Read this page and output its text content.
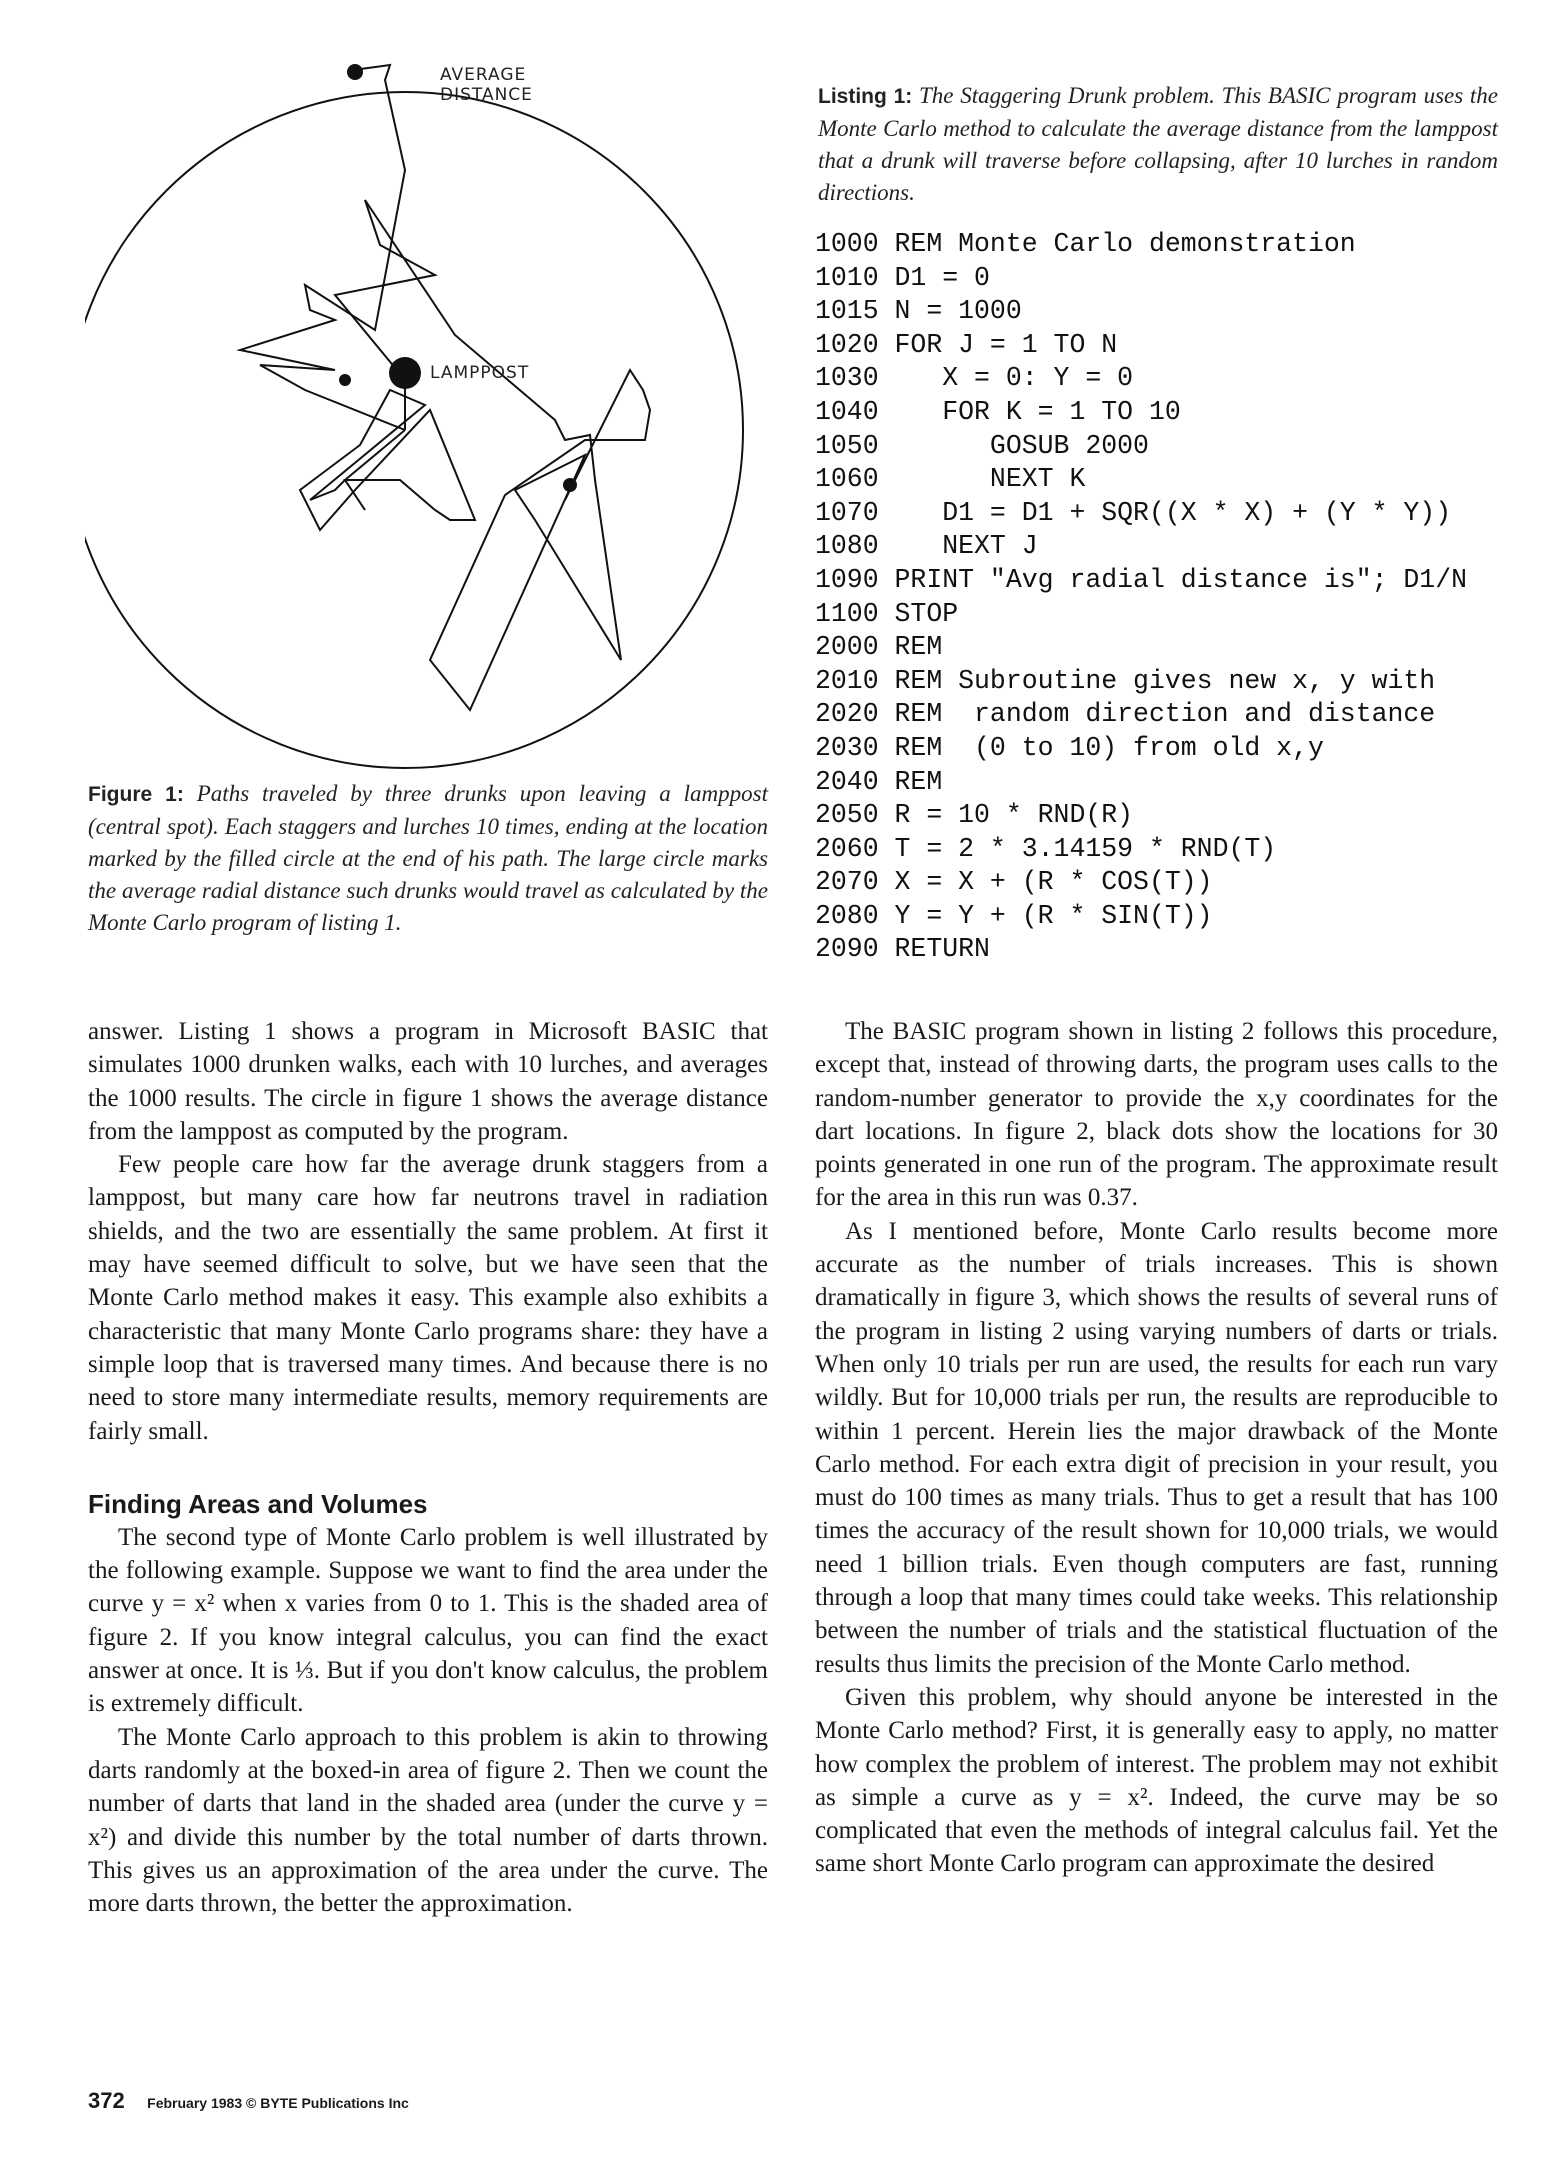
AVERAGE
DISTANCE
LAMPPOST
Figure 1: Paths traveled by three drunks upon leaving a lamppost (central spot). Each staggers and lurches 10 times, ending at the location marked by the filled circle at the end of his path. The large circle marks the average radial distance such drunks would travel as calculated by the Monte Carlo program of listing 1.
Listing 1: The Staggering Drunk problem. This BASIC program uses the Monte Carlo method to calculate the average distance from the lamppost that a drunk will traverse before collapsing, after 10 lurches in random directions.
1000 REM Monte Carlo demonstration
1010 D1 = 0
1015 N = 1000
1020 FOR J = 1 TO N
1030    X = 0: Y = 0
1040    FOR K = 1 TO 10
1050       GOSUB 2000
1060       NEXT K
1070    D1 = D1 + SQR((X * X) + (Y * Y))
1080    NEXT J
1090 PRINT "Avg radial distance is"; D1/N
1100 STOP
2000 REM
2010 REM Subroutine gives new x, y with
2020 REM  random direction and distance
2030 REM  (0 to 10) from old x,y
2040 REM
2050 R = 10 * RND(R)
2060 T = 2 * 3.14159 * RND(T)
2070 X = X + (R * COS(T))
2080 Y = Y + (R * SIN(T))
2090 RETURN

answer. Listing 1 shows a program in Microsoft BASIC that simulates 1000 drunken walks, each with 10 lurches, and averages the 1000 results. The circle in figure 1 shows the average distance from the lamppost as computed by the program.

Few people care how far the average drunk staggers from a lamppost, but many care how far neutrons travel in radiation shields, and the two are essentially the same problem. At first it may have seemed difficult to solve, but we have seen that the Monte Carlo method makes it easy. This example also exhibits a characteristic that many Monte Carlo programs share: they have a simple loop that is traversed many times. And because there is no need to store many intermediate results, memory requirements are fairly small.

Finding Areas and Volumes

The second type of Monte Carlo problem is well illustrated by the following example. Suppose we want to find the area under the curve y = x² when x varies from 0 to 1. This is the shaded area of figure 2. If you know integral calculus, you can find the exact answer at once. It is ⅓. But if you don't know calculus, the problem is extremely difficult.

The Monte Carlo approach to this problem is akin to throwing darts randomly at the boxed-in area of figure 2. Then we count the number of darts that land in the shaded area (under the curve y = x²) and divide this number by the total number of darts thrown. This gives us an approximation of the area under the curve. The more darts thrown, the better the approximation.

The BASIC program shown in listing 2 follows this procedure, except that, instead of throwing darts, the program uses calls to the random-number generator to provide the x,y coordinates for the dart locations. In figure 2, black dots show the locations for 30 points generated in one run of the program. The approximate result for the area in this run was 0.37.

As I mentioned before, Monte Carlo results become more accurate as the number of trials increases. This is shown dramatically in figure 3, which shows the results of several runs of the program in listing 2 using varying numbers of darts or trials. When only 10 trials per run are used, the results for each run vary wildly. But for 10,000 trials per run, the results are reproducible to within 1 percent. Herein lies the major drawback of the Monte Carlo method. For each extra digit of precision in your result, you must do 100 times as many trials. Thus to get a result that has 100 times the accuracy of the result shown for 10,000 trials, we would need 1 billion trials. Even though computers are fast, running through a loop that many times could take weeks. This relationship between the number of trials and the statistical fluctuation of the results thus limits the precision of the Monte Carlo method.

Given this problem, why should anyone be interested in the Monte Carlo method? First, it is generally easy to apply, no matter how complex the problem of interest. The problem may not exhibit as simple a curve as y = x². Indeed, the curve may be so complicated that even the methods of integral calculus fail. Yet the same short Monte Carlo program can approximate the desired

372 February 1983 © BYTE Publications Inc
